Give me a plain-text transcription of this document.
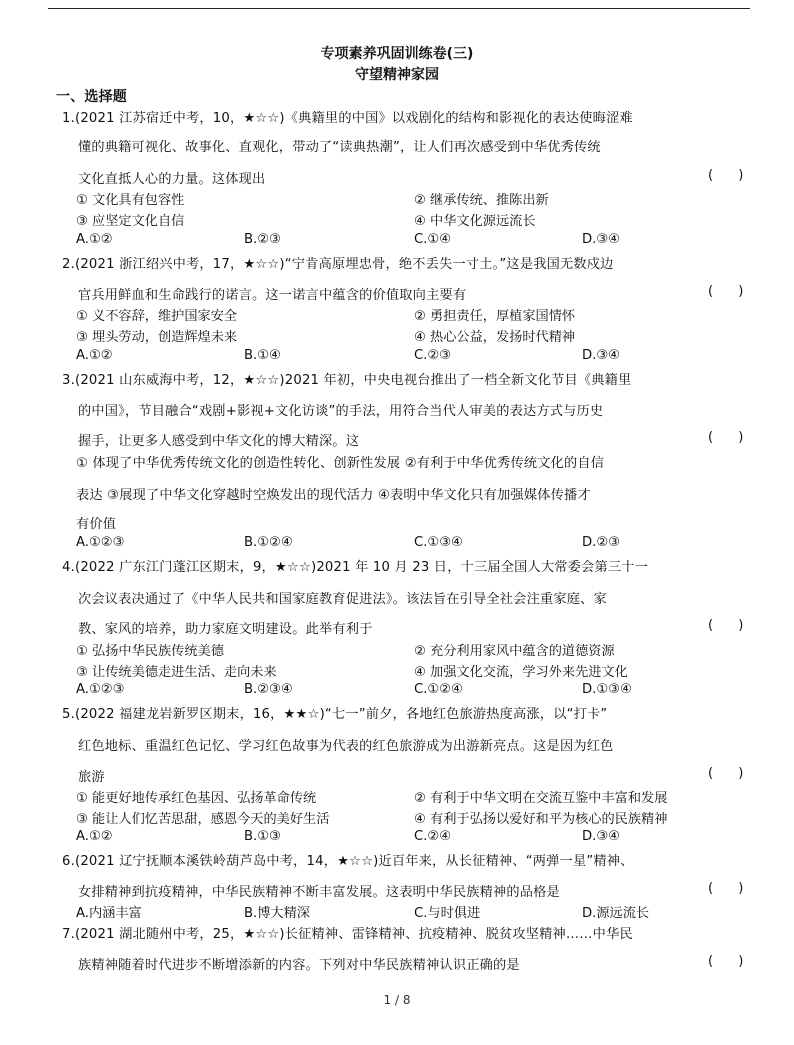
专项素养巩固训练卷(三)
守望精神家园
一、选择题
1.(2021 江苏宿迁中考，10，★☆☆)《典籍里的中国》以戏剧化的结构和影视化的表达使晦涩难
懂的典籍可视化、故事化、直观化，带动了“读典热潮”，让人们再次感受到中华优秀传统
文化直抵人心的力量。这体现出	(      )
① 文化具有包容性	② 继承传统、推陈出新
③ 应坚定文化自信	④ 中华文化源远流长
A.①②	B.②③	C.①④	D.③④
2.(2021 浙江绍兴中考，17，★☆☆)“宁肯高原埋忠骨，绝不丢失一寸土。”这是我国无数戍边
官兵用鲜血和生命践行的诺言。这一诺言中蕴含的价值取向主要有	(      )
① 义不容辞，维护国家安全	② 勇担责任，厚植家国情怀
③ 埋头劳动，创造辉煌未来	④ 热心公益，发扬时代精神
A.①②	B.①④	C.②③	D.③④
3.(2021 山东威海中考，12，★☆☆)2021 年初，中央电视台推出了一档全新文化节目《典籍里
的中国》，节目融合“戏剧+影视+文化访谈”的手法，用符合当代人审美的表达方式与历史
握手，让更多人感受到中华文化的博大精深。这	(      )
① 体现了中华优秀传统文化的创造性转化、创新性发展 ②有利于中华优秀传统文化的自信
表达 ③展现了中华文化穿越时空焕发出的现代活力 ④表明中华文化只有加强媒体传播才
有价值
A.①②③	B.①②④	C.①③④	D.②③
4.(2022 广东江门蓬江区期末，9，★☆☆)2021 年 10 月 23 日，十三届全国人大常委会第三十一
次会议表决通过了《中华人民共和国家庭教育促进法》。该法旨在引导全社会注重家庭、家
教、家风的培养，助力家庭文明建设。此举有利于	(      )
① 弘扬中华民族传统美德	② 充分利用家风中蕴含的道德资源
③ 让传统美德走进生活、走向未来	④ 加强文化交流，学习外来先进文化
A.①②③	B.②③④	C.①②④	D.①③④
5.(2022 福建龙岩新罗区期末，16，★★☆)“七一”前夕，各地红色旅游热度高涨，以“打卡”
红色地标、重温红色记忆、学习红色故事为代表的红色旅游成为出游新亮点。这是因为红色
旅游	(      )
① 能更好地传承红色基因、弘扬革命传统	② 有利于中华文明在交流互鉴中丰富和发展
③ 能让人们忆苦思甜，感恩今天的美好生活	④ 有利于弘扬以爱好和平为核心的民族精神
A.①②	B.①③	C.②④	D.③④
6.(2021 辽宁抚顺本溪铁岭葫芦岛中考，14，★☆☆)近百年来，从长征精神、“两弹一星”精神、
女排精神到抗疫精神，中华民族精神不断丰富发展。这表明中华民族精神的品格是	(      )
A.内涵丰富	B.博大精深	C.与时俱进	D.源远流长
7.(2021 湖北随州中考，25，★☆☆)长征精神、雷锋精神、抗疫精神、脱贫攻坚精神……中华民
族精神随着时代进步不断增添新的内容。下列对中华民族精神认识正确的是	(      )
1 / 8
